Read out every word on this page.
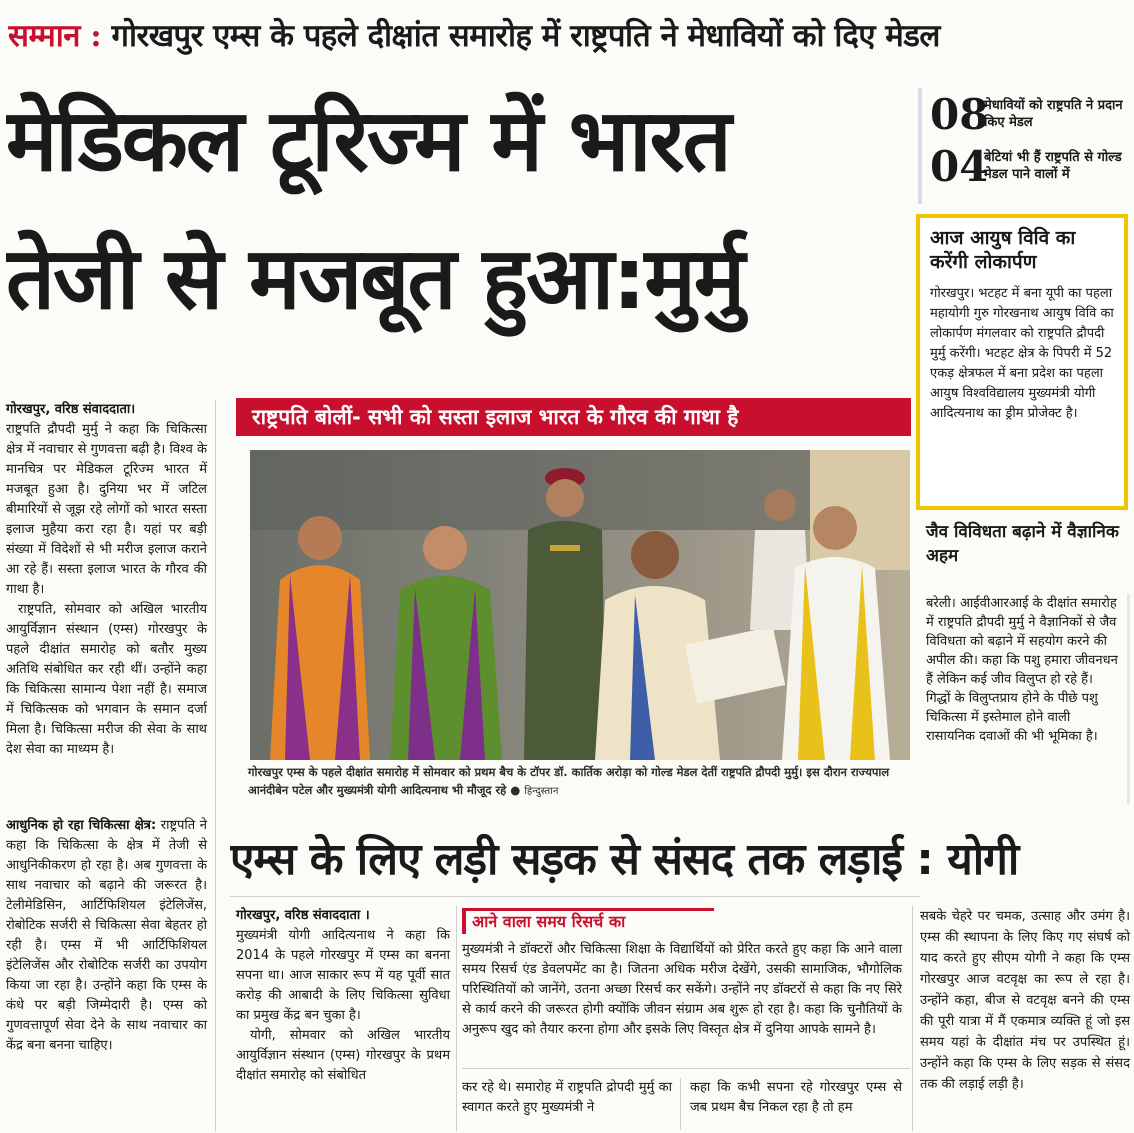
सम्मान : गोरखपुर एम्स के पहले दीक्षांत समारोह में राष्ट्रपति ने मेधावियों को दिए मेडल
मेडिकल टूरिज्म में भारत
तेजी से मजबूत हुआ:मुर्मु
08
मेधावियों को राष्ट्रपति ने प्रदान किए मेडल
04
बेटियां भी हैं राष्ट्रपति से गोल्ड मेडल पाने वालों में
आज आयुष विवि का करेंगी लोकार्पण

गोरखपुर। भटहट में बना यूपी का पहला महायोगी गुरु गोरखनाथ आयुष विवि का लोकार्पण मंगलवार को राष्ट्रपति द्रौपदी मुर्मु करेंगी। भटहट क्षेत्र के पिपरी में 52 एकड़ क्षेत्रफल में बना प्रदेश का पहला आयुष विश्वविद्यालय मुख्यमंत्री योगी आदित्यनाथ का ड्रीम प्रोजेक्ट है।

जैव विविधता बढ़ाने में वैज्ञानिक अहम

बरेली। आईवीआरआई के दीक्षांत समारोह में राष्ट्रपति द्रौपदी मुर्मु ने वैज्ञानिकों से जैव विविधता को बढ़ाने में सहयोग करने की अपील की। कहा कि पशु हमारा जीवनधन हैं लेकिन कई जीव विलुप्त हो रहे हैं। गिद्धों के विलुप्तप्राय होने के पीछे पशु चिकित्सा में इस्तेमाल होने वाली रासायनिक दवाओं की भी भूमिका है।

गोरखपुर, वरिष्ठ संवाददाता।

राष्ट्रपति द्रौपदी मुर्मु ने कहा कि चिकित्सा क्षेत्र में नवाचार से गुणवत्ता बढ़ी है। विश्व के मानचित्र पर मेडिकल टूरिज्म भारत में मजबूत हुआ है। दुनिया भर में जटिल बीमारियों से जूझ रहे लोगों को भारत सस्ता इलाज मुहैया करा रहा है। यहां पर बड़ी संख्या में विदेशों से भी मरीज इलाज कराने आ रहे हैं। सस्ता इलाज भारत के गौरव की गाथा है।

राष्ट्रपति, सोमवार को अखिल भारतीय आयुर्विज्ञान संस्थान (एम्स) गोरखपुर के पहले दीक्षांत समारोह को बतौर मुख्य अतिथि संबोधित कर रही थीं। उन्होंने कहा कि चिकित्सा सामान्य पेशा नहीं है। समाज में चिकित्सक को भगवान के समान दर्जा मिला है। चिकित्सा मरीज की सेवा के साथ देश सेवा का माध्यम है।

आधुनिक हो रहा चिकित्सा क्षेत्र: राष्ट्रपति ने कहा कि चिकित्सा के क्षेत्र में तेजी से आधुनिकीकरण हो रहा है। अब गुणवत्ता के साथ नवाचार को बढ़ाने की जरूरत है। टेलीमेडिसिन, आर्टिफिशियल इंटेलिजेंस, रोबोटिक सर्जरी से चिकित्सा सेवा बेहतर हो रही है। एम्स में भी आर्टिफिशियल इंटेलिजेंस और रोबोटिक सर्जरी का उपयोग किया जा रहा है। उन्होंने कहा कि एम्स के कंधे पर बड़ी जिम्मेदारी है। एम्स को गुणवत्तापूर्ण सेवा देने के साथ नवाचार का केंद्र बना बनना चाहिए।

राष्ट्रपति बोलीं- सभी को सस्ता इलाज भारत के गौरव की गाथा है
गोरखपुर एम्स के पहले दीक्षांत समारोह में सोमवार को प्रथम बैच के टॉपर डॉ. कार्तिक अरोड़ा को गोल्ड मेडल देतीं राष्ट्रपति द्रौपदी मुर्मु। इस दौरान राज्यपाल आनंदीबेन पटेल और मुख्यमंत्री योगी आदित्यनाथ भी मौजूद रहे ● हिन्दुस्तान
एम्स के लिए लड़ी सड़क से संसद तक लड़ाई : योगी

गोरखपुर, वरिष्ठ संवाददाता ।

मुख्यमंत्री योगी आदित्यनाथ ने कहा कि 2014 के पहले गोरखपुर में एम्स का बनना सपना था। आज साकार रूप में यह पूर्वी सात करोड़ की आबादी के लिए चिकित्सा सुविधा का प्रमुख केंद्र बन चुका है।

योगी, सोमवार को अखिल भारतीय आयुर्विज्ञान संस्थान (एम्स) गोरखपुर के प्रथम दीक्षांत समारोह को संबोधित

आने वाला समय रिसर्च का

मुख्यमंत्री ने डॉक्टरों और चिकित्सा शिक्षा के विद्यार्थियों को प्रेरित करते हुए कहा कि आने वाला समय रिसर्च एंड डेवलपमेंट का है। जितना अधिक मरीज देखेंगे, उसकी सामाजिक, भौगोलिक परिस्थितियों को जानेंगे, उतना अच्छा रिसर्च कर सकेंगे। उन्होंने नए डॉक्टरों से कहा कि नए सिरे से कार्य करने की जरूरत होगी क्योंकि जीवन संग्राम अब शुरू हो रहा है। कहा कि चुनौतियों के अनुरूप खुद को तैयार करना होगा और इसके लिए विस्तृत क्षेत्र में दुनिया आपके सामने है।

कर रहे थे। समारोह में राष्ट्रपति द्रोपदी मुर्मु का स्वागत करते हुए मुख्यमंत्री ने

कहा कि कभी सपना रहे गोरखपुर एम्स से जब प्रथम बैच निकल रहा है तो हम

सबके चेहरे पर चमक, उत्साह और उमंग है। एम्स की स्थापना के लिए किए गए संघर्ष को याद करते हुए सीएम योगी ने कहा कि एम्स गोरखपुर आज वटवृक्ष का रूप ले रहा है। उन्होंने कहा, बीज से वटवृक्ष बनने की एम्स की पूरी यात्रा में मैं एकमात्र व्यक्ति हूं जो इस समय यहां के दीक्षांत मंच पर उपस्थित हूं। उन्होंने कहा कि एम्स के लिए सड़क से संसद तक की लड़ाई लड़ी है।
